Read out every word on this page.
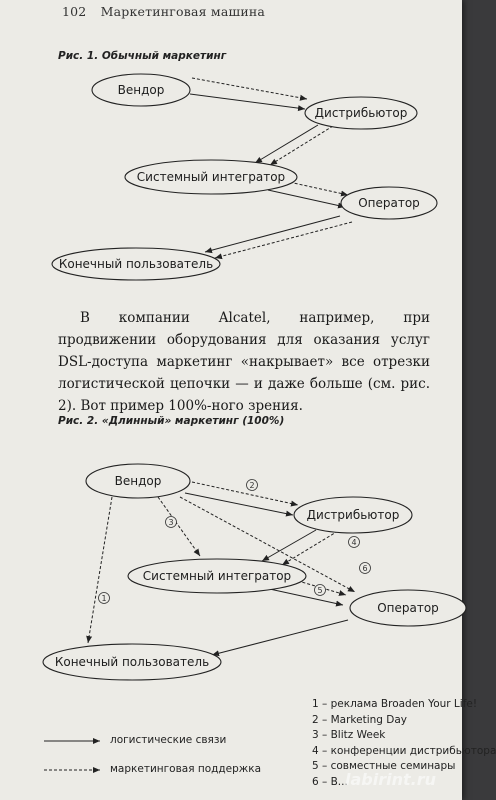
102 Маркетинговая машина
Рис. 1. Обычный маркетинг
Вендор
Дистрибьютор
Системный интегратор
Оператор
Конечный пользователь

В компании Alcatel, например, при продвижении оборудования для оказания услуг DSL-доступа маркетинг «накрывает» все отрезки логистической цепочки — и даже больше (см. рис. 2). Вот пример 100%-ного зрения.

Рис. 2. «Длинный» маркетинг (100%)
1
2
3
4
5
6
Вендор
Дистрибьютор
Системный интегратор
Оператор
Конечный пользователь
логистические связи
маркетинговая поддержка
1 – реклама Broaden Your Life!
2 – Marketing Day
3 – Blitz Week
4 – конференции дистрибьютора
5 – совместные семинары
6 – В...
labirint.ru
